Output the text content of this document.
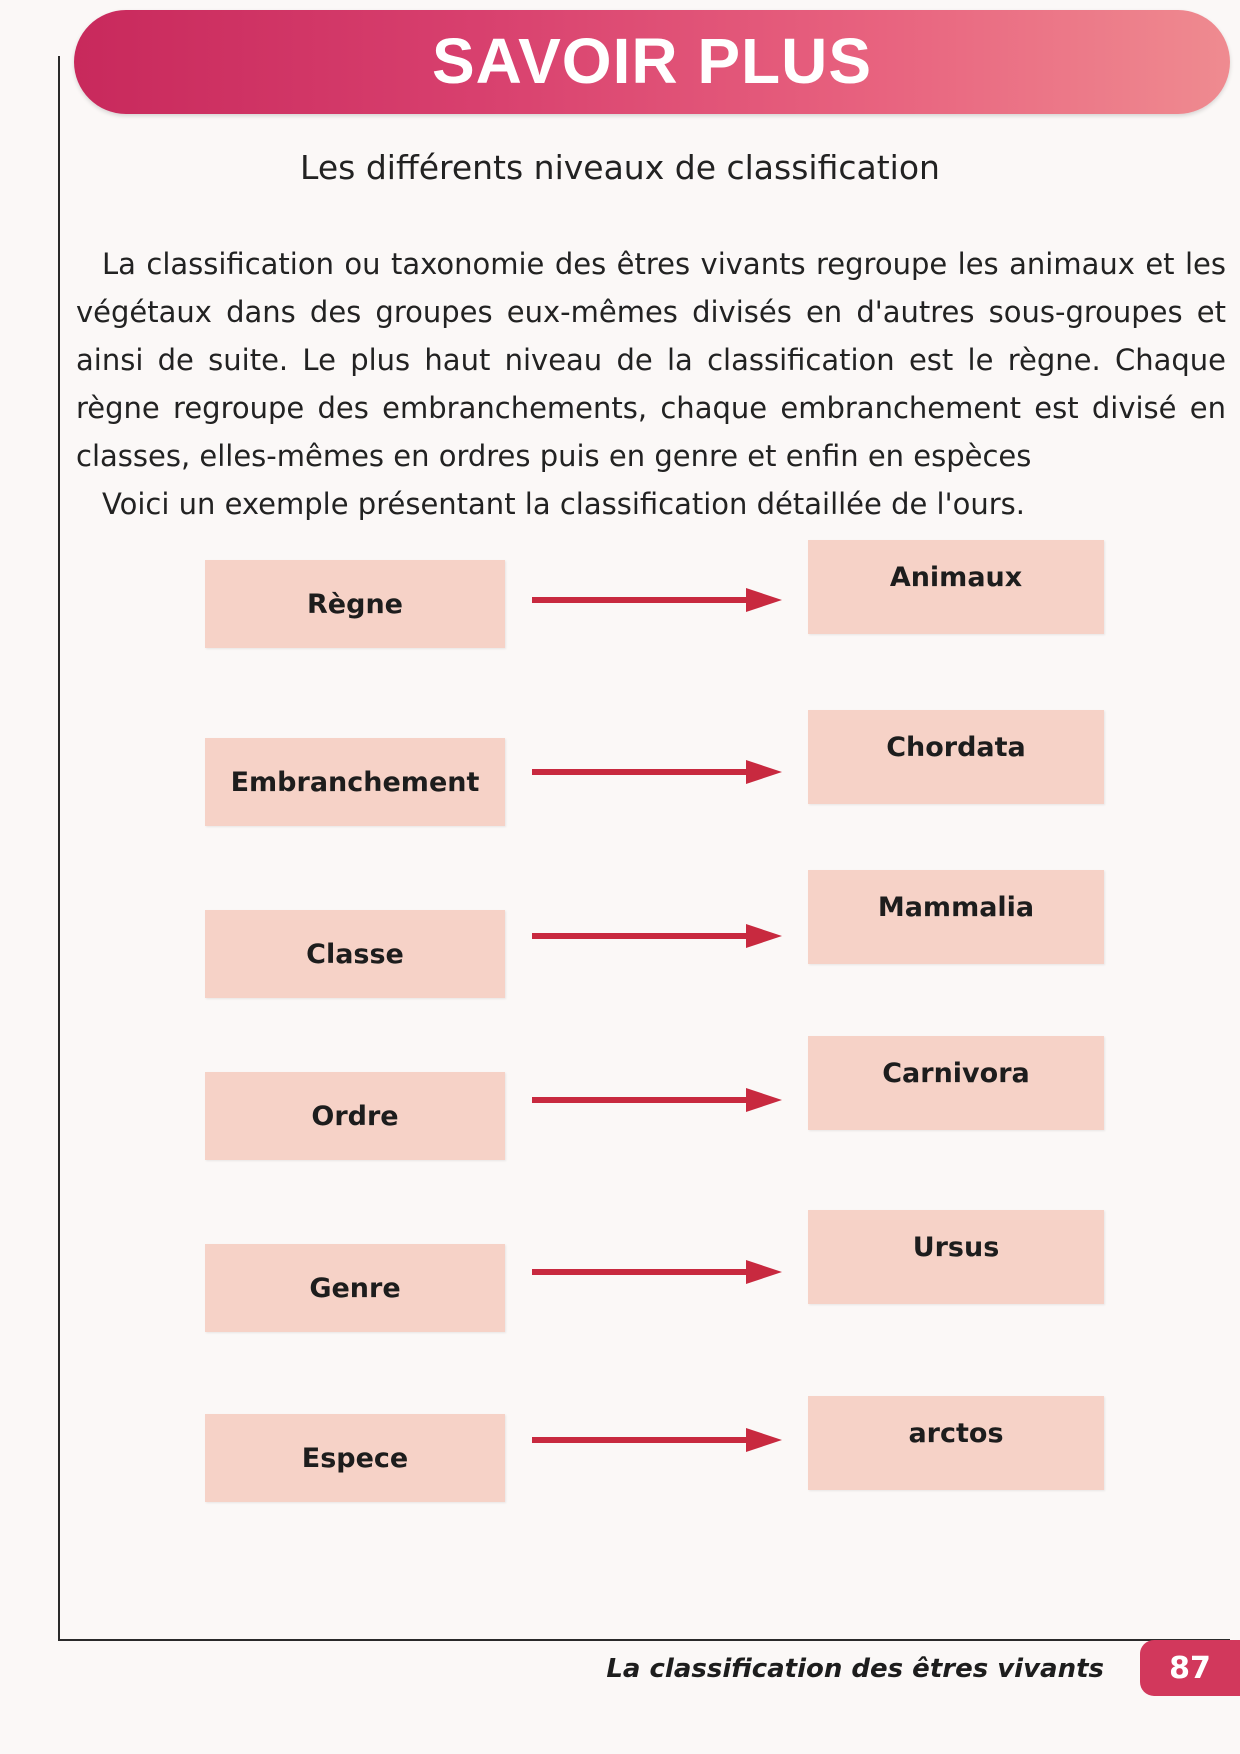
SAVOIR PLUS
Les différents niveaux de classification

La classification ou taxonomie des êtres vivants regroupe les animaux et les végétaux dans des groupes eux-mêmes divisés en d'autres sous-groupes et ainsi de suite. Le plus haut niveau de la classification est le règne. Chaque règne regroupe des embranchements, chaque embranchement est divisé en classes, elles-mêmes en ordres puis en genre et enfin en espèces

Voici un exemple présentant la classification détaillée de l'ours.

Règne
Animaux
Embranchement
Chordata
Classe
Mammalia
Ordre
Carnivora
Genre
Ursus
Espece
arctos
La classification des êtres vivants	87
